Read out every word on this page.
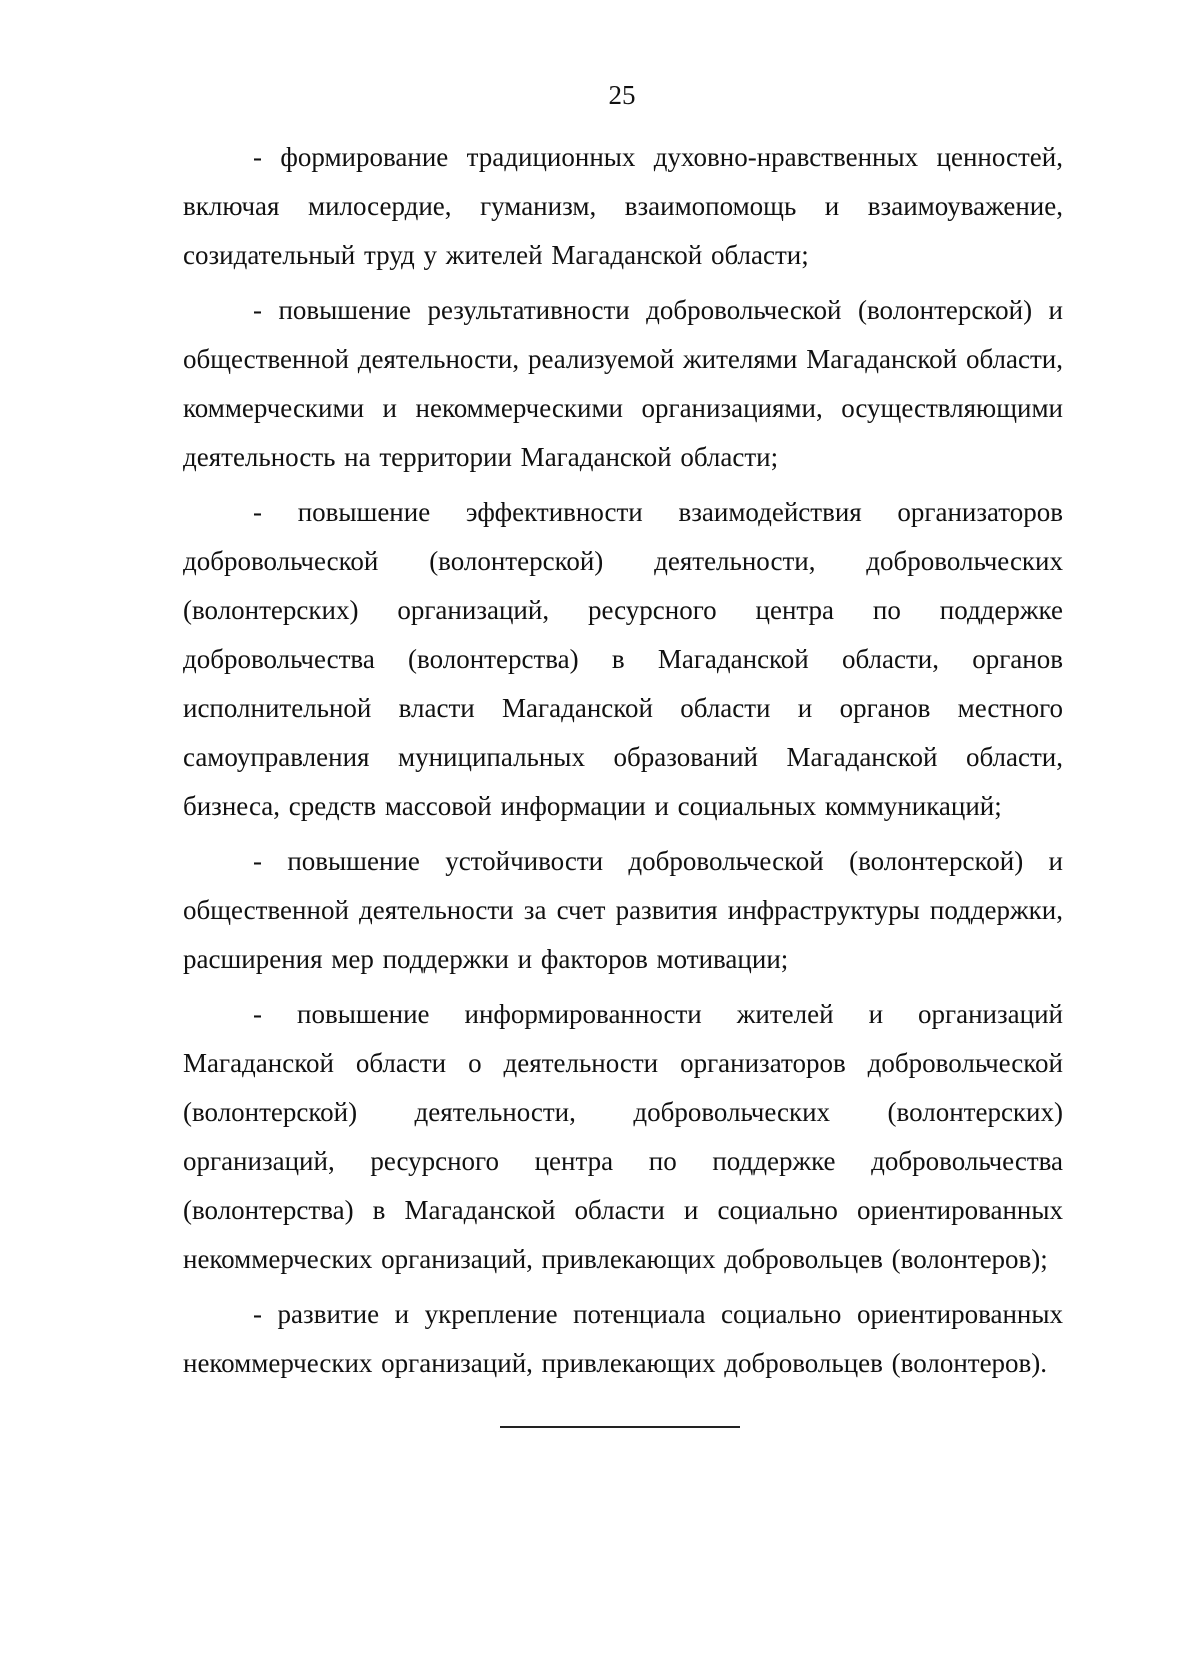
25

- формирование традиционных духовно-нравственных ценностей, включая милосердие, гуманизм, взаимопомощь и взаимоуважение, созидательный труд у жителей Магаданской области;

- повышение результативности добровольческой (волонтерской) и общественной деятельности, реализуемой жителями Магаданской области, коммерческими и некоммерческими организациями, осуществляющими деятельность на территории Магаданской области;

- повышение эффективности взаимодействия организаторов добровольческой (волонтерской) деятельности, добровольческих (волонтерских) организаций, ресурсного центра по поддержке добровольчества (волонтерства) в Магаданской области, органов исполнительной власти Магаданской области и органов местного самоуправления муниципальных образований Магаданской области, бизнеса, средств массовой информации и социальных коммуникаций;

- повышение устойчивости добровольческой (волонтерской) и общественной деятельности за счет развития инфраструктуры поддержки, расширения мер поддержки и факторов мотивации;

- повышение информированности жителей и организаций Магаданской области о деятельности организаторов добровольческой (волонтерской) деятельности, добровольческих (волонтерских) организаций, ресурсного центра по поддержке добровольчества (волонтерства) в Магаданской области и социально ориентированных некоммерческих организаций, привлекающих добровольцев (волонтеров);

- развитие и укрепление потенциала социально ориентированных некоммерческих организаций, привлекающих добровольцев (волонтеров).
